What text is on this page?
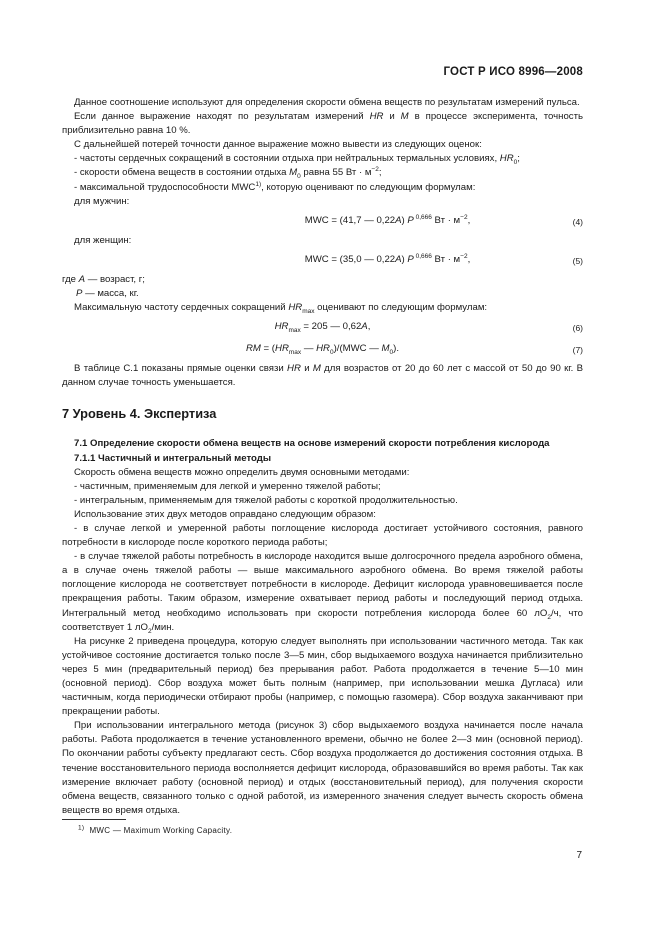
ГОСТ Р ИСО 8996—2008

Данное соотношение используют для определения скорости обмена веществ по результатам измерений пульса.

Если данное выражение находят по результатам измерений HR и M в процессе эксперимента, точность приблизительно равна 10 %.

С дальнейшей потерей точности данное выражение можно вывести из следующих оценок:

- частоты сердечных сокращений в состоянии отдыха при нейтральных термальных условиях, $HR_0$;

- скорости обмена веществ в состоянии отдыха $M_0$ равна 55 Вт · $м^{-2}$;

- максимальной трудоспособности MWC$^{1)}$, которую оценивают по следующим формулам:

для мужчин:

MWC = (41,7 — 0,22A) P $^{0,666}$ Вт · $м^{-2}$,	(4)

для женщин:

MWC = (35,0 — 0,22A) P $^{0,666}$ Вт · $м^{-2}$,	(5)

где A — возраст, г;

P — масса, кг.

Максимальную частоту сердечных сокращений $HR_{max}$ оценивают по следующим формулам:

$HR_{max} = 205$ — 0,62A,	(6)
RM = ($HR_{max}$ — $HR_0)/(MWC$ — $M_0$).	(7)

В таблице С.1 показаны прямые оценки связи HR и M для возрастов от 20 до 60 лет с массой от 50 до 90 кг. В данном случае точность уменьшается.

7 Уровень 4. Экспертиза

7.1 Определение скорости обмена веществ на основе измерений скорости потребления кислорода

7.1.1 Частичный и интегральный методы

Скорость обмена веществ можно определить двумя основными методами:

- частичным, применяемым для легкой и умеренно тяжелой работы;

- интегральным, применяемым для тяжелой работы с короткой продолжительностью.

Использование этих двух методов оправдано следующим образом:

- в случае легкой и умеренной работы поглощение кислорода достигает устойчивого состояния, равного потребности в кислороде после короткого периода работы;

- в случае тяжелой работы потребность в кислороде находится выше долгосрочного предела аэробного обмена, а в случае очень тяжелой работы — выше максимального аэробного обмена. Во время тяжелой работы поглощение кислорода не соответствует потребности в кислороде. Дефицит кислорода уравновешивается после прекращения работы. Таким образом, измерение охватывает период работы и последующий период отдыха. Интегральный метод необходимо использовать при скорости потребления кислорода более 60 $лO_2/ч$, что соответствует 1 $лO_2$/мин.

На рисунке 2 приведена процедура, которую следует выполнять при использовании частичного метода. Так как устойчивое состояние достигается только после 3—5 мин, сбор выдыхаемого воздуха начинается приблизительно через 5 мин (предварительный период) без прерывания работ. Работа продолжается в течение 5—10 мин (основной период). Сбор воздуха может быть полным (например, при использовании мешка Дугласа) или частичным, когда периодически отбирают пробы (например, с помощью газомера). Сбор воздуха заканчивают при прекращении работы.

При использовании интегрального метода (рисунок 3) сбор выдыхаемого воздуха начинается после начала работы. Работа продолжается в течение установленного времени, обычно не более 2—3 мин (основной период). По окончании работы субъекту предлагают сесть. Сбор воздуха продолжается до достижения состояния отдыха. В течение восстановительного периода восполняется дефицит кислорода, образовавшийся во время работы. Так как измерение включает работу (основной период) и отдых (восстановительный период), для получения скорости обмена веществ, связанного только с одной работой, из измеренного значения следует вычесть скорость обмена веществ во время отдыха.

$^{1)}$ MWC — Maximum Working Capacity.
7
